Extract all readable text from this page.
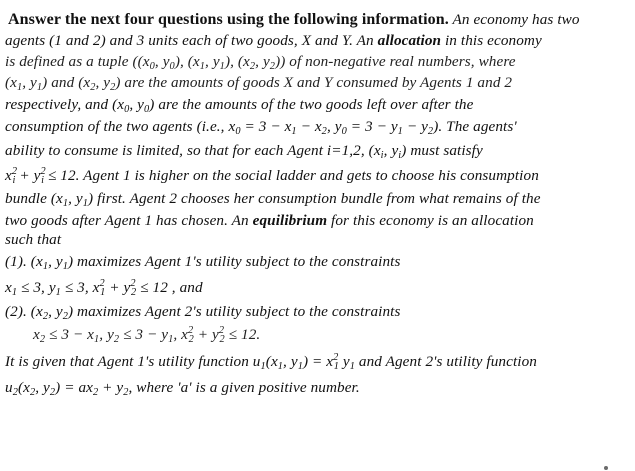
Answer the next four questions using the following information. An economy has two
agents (1 and 2) and 3 units each of two goods, X and Y. An allocation in this economy
is defined as a tuple ((x0, y0), (x1, y1), (x2, y2)) of non-negative real numbers, where
(x1, y1) and (x2, y2) are the amounts of goods X and Y consumed by Agents 1 and 2
respectively, and (x0, y0) are the amounts of the two goods left over after the
consumption of the two agents (i.e., x0 = 3 − x1 − x2, y0 = 3 − y1 − y2). The agents'
ability to consume is limited, so that for each Agent i=1,2, (xi, yi) must satisfy
$x^2i + y^2i \le 12$. Agent 1 is higher on the social ladder and gets to choose his consumption
bundle (x1, y1) first. Agent 2 chooses her consumption bundle from what remains of the
two goods after Agent 1 has chosen. An equilibrium for this economy is an allocation
such that
(1). (x1, y1) maximizes Agent 1's utility subject to the constraints
x1 ≤ 3, y1 ≤ 3, $x^21 + y^22 \le 12$ , and
(2). (x2, y2) maximizes Agent 2's utility subject to the constraints
x2 ≤ 3 − x1, y2 ≤ 3 − y1, $x^22 + y^22 \le 12$.
It is given that Agent 1's utility function u1(x1, $y1) = x^21$ y1 and Agent 2's utility function
u2(x2, y2) = ax2 + y2, where 'a' is a given positive number.
